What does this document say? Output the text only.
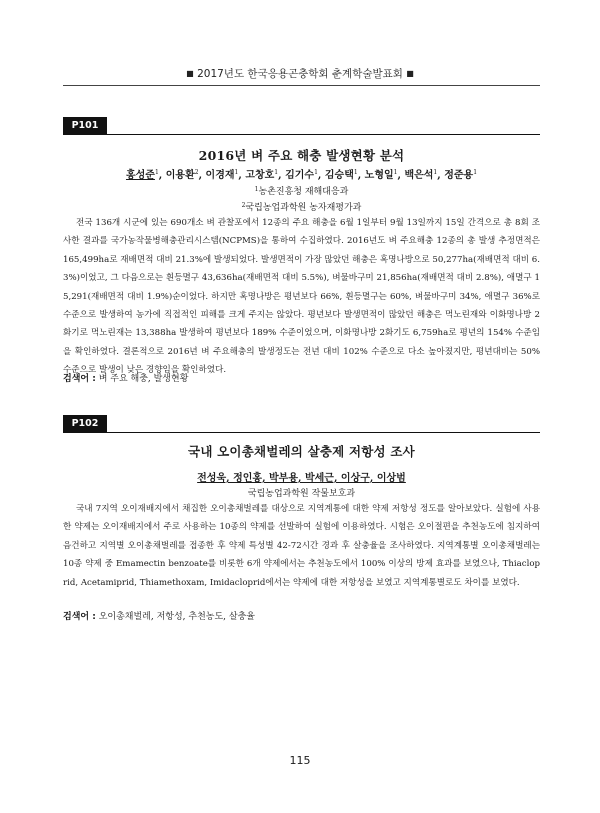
■ 2017년도 한국응용곤충학회 춘계학술발표회 ■
P101
2016년 벼 주요 해충 발생현황 분석
홍성준$^1$, 이용환$^2$, 이경재$^1$, 고창호$^1$, 김기수$^1$, 김승택$^1$, 노형일$^1$, 백은석$^1$, 정준용$^1$
$^1$농촌진흥청 재해대응과
$^2$국립농업과학원 농자재평가과

전국 136개 시군에 있는 690개소 벼 관찰포에서 12종의 주요 해충을 6월 1일부터 9월 13일까지 15일 간격으로 총 8회 조사한 결과를 국가농작물병해충관리시스템(NCPMS)을 통하여 수집하였다. 2016년도 벼 주요해충 12종의 총 발생 추정면적은 165,499ha로 재배면적 대비 21.3%에 발생되었다. 발생면적이 가장 많았던 해충은 혹명나방으로 50,277ha(재배면적 대비 6.3%)이었고, 그 다음으로는 흰등멸구 43,636ha(재배면적 대비 5.5%), 벼물바구미 21,856ha(재배면적 대비 2.8%), 애멸구 15,291(재배면적 대비 1.9%)순이었다. 하지만 혹명나방은 평년보다 66%, 흰등멸구는 60%, 벼물바구미 34%, 애멸구 36%로 수준으로 발생하여 농가에 직접적인 피해를 크게 주지는 않았다. 평년보다 발생면적이 많았던 해충은 먹노린재와 이화명나방 2화기로 먹노린재는 13,388ha 발생하여 평년보다 189% 수준이었으며, 이화명나방 2화기도 6,759ha로 평년의 154% 수준임을 확인하였다. 결론적으로 2016년 벼 주요해충의 발생정도는 전년 대비 102% 수준으로 다소 높아졌지만, 평년대비는 50% 수준으로 발생이 낮은 경향임을 확인하였다.

검색어 : 벼 주요 해충, 발생현황
P102
국내 오이총채벌레의 살충제 저항성 조사
전성욱, 정인홍, 박부용, 박세근, 이상구, 이상범
국립농업과학원 작물보호과

국내 7지역 오이재배지에서 채집한 오이총채벌레를 대상으로 지역계통에 대한 약제 저항성 정도를 알아보았다. 실험에 사용한 약제는 오이재배지에서 주로 사용하는 10종의 약제를 선발하여 실험에 이용하였다. 시험은 오이절편을 추천농도에 침지하여 음건하고 지역별 오이총채벌레를 접종한 후 약제 특성별 42-72시간 경과 후 살충율을 조사하였다. 지역계통별 오이총채벌레는 10종 약제 중 Emamectin benzoate를 비롯한 6개 약제에서는 추천농도에서 100% 이상의 방제 효과를 보였으나, Thiacloprid, Acetamiprid, Thiamethoxam, Imidacloprid에서는 약제에 대한 저항성을 보였고 지역계통별로도 차이를 보였다.

검색어 : 오이총채벌레, 저항성, 추천농도, 살충율
115
